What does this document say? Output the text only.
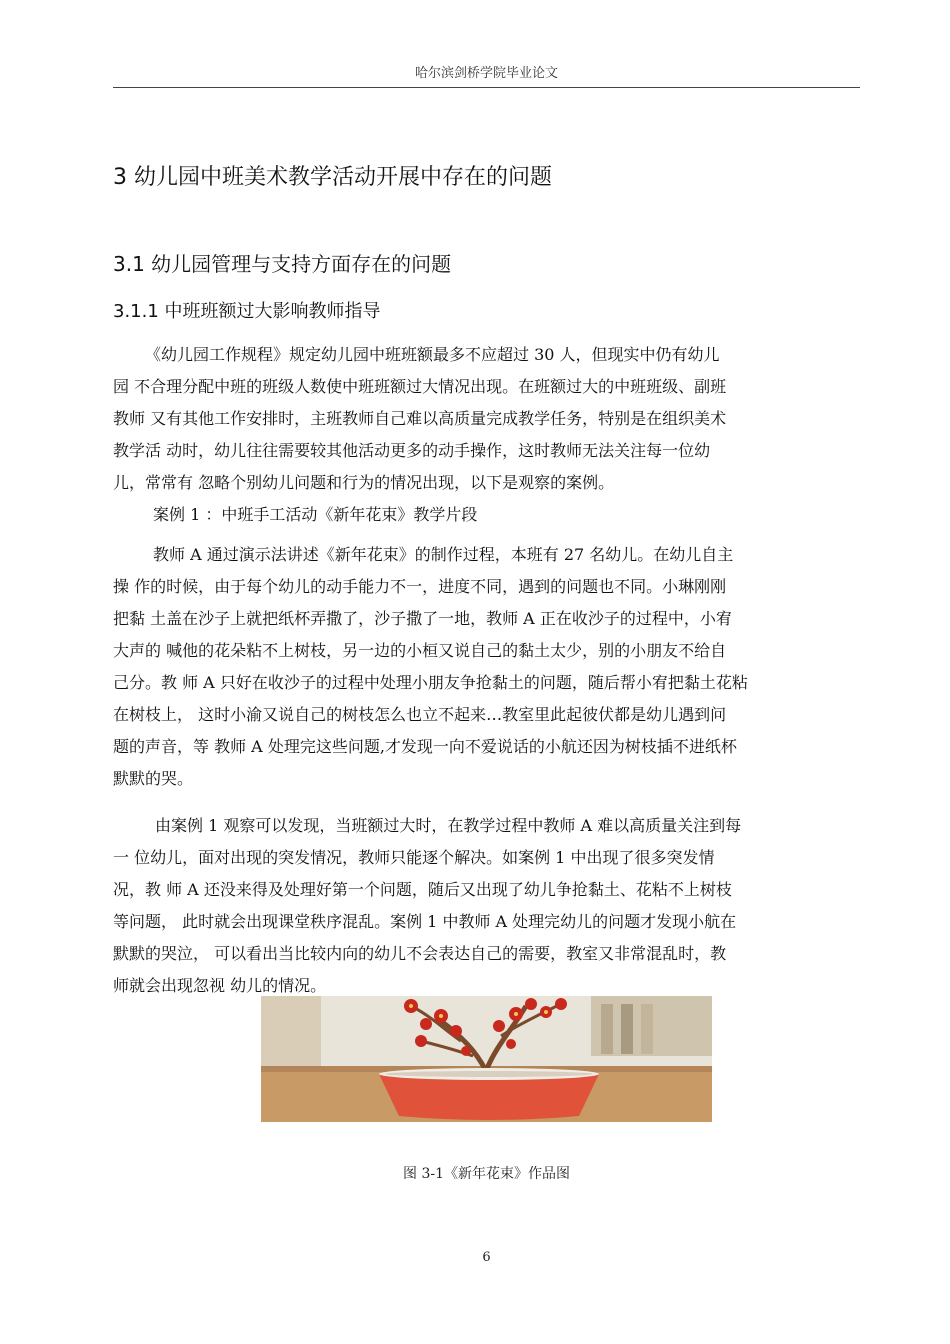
哈尔滨剑桥学院毕业论文
3 幼儿园中班美术教学活动开展中存在的问题
3.1 幼儿园管理与支持方面存在的问题
3.1.1 中班班额过大影响教师指导

《幼儿园工作规程》规定幼儿园中班班额最多不应超过 30 人，但现实中仍有幼儿
园 不合理分配中班的班级人数使中班班额过大情况出现。在班额过大的中班班级、副班
教师 又有其他工作安排时，主班教师自己难以高质量完成教学任务，特别是在组织美术
教学活 动时，幼儿往往需要较其他活动更多的动手操作，这时教师无法关注每一位幼
儿，常常有 忽略个别幼儿问题和行为的情况出现，以下是观察的案例。

案例 1 ：中班手工活动《新年花束》教学片段

教师 A 通过演示法讲述《新年花束》的制作过程，本班有 27 名幼儿。在幼儿自主
操 作的时候，由于每个幼儿的动手能力不一，进度不同，遇到的问题也不同。小琳刚刚
把黏 土盖在沙子上就把纸杯弄撒了，沙子撒了一地，教师 A 正在收沙子的过程中，小宥
大声的 喊他的花朵粘不上树枝，另一边的小桓又说自己的黏土太少，别的小朋友不给自
己分。教 师 A 只好在收沙子的过程中处理小朋友争抢黏土的问题，随后帮小宥把黏土花粘
在树枝上， 这时小渝又说自己的树枝怎么也立不起来…教室里此起彼伏都是幼儿遇到问
题的声音，等 教师 A 处理完这些问题,才发现一向不爱说话的小航还因为树枝插不进纸杯
默默的哭。

由案例 1 观察可以发现，当班额过大时，在教学过程中教师 A 难以高质量关注到每
一 位幼儿，面对出现的突发情况，教师只能逐个解决。如案例 1 中出现了很多突发情
况，教 师 A 还没来得及处理好第一个问题，随后又出现了幼儿争抢黏土、花粘不上树枝
等问题， 此时就会出现课堂秩序混乱。案例 1 中教师 A 处理完幼儿的问题才发现小航在
默默的哭泣， 可以看出当比较内向的幼儿不会表达自己的需要，教室又非常混乱时，教
师就会出现忽视 幼儿的情况。

图 3-1《新年花束》作品图
6
